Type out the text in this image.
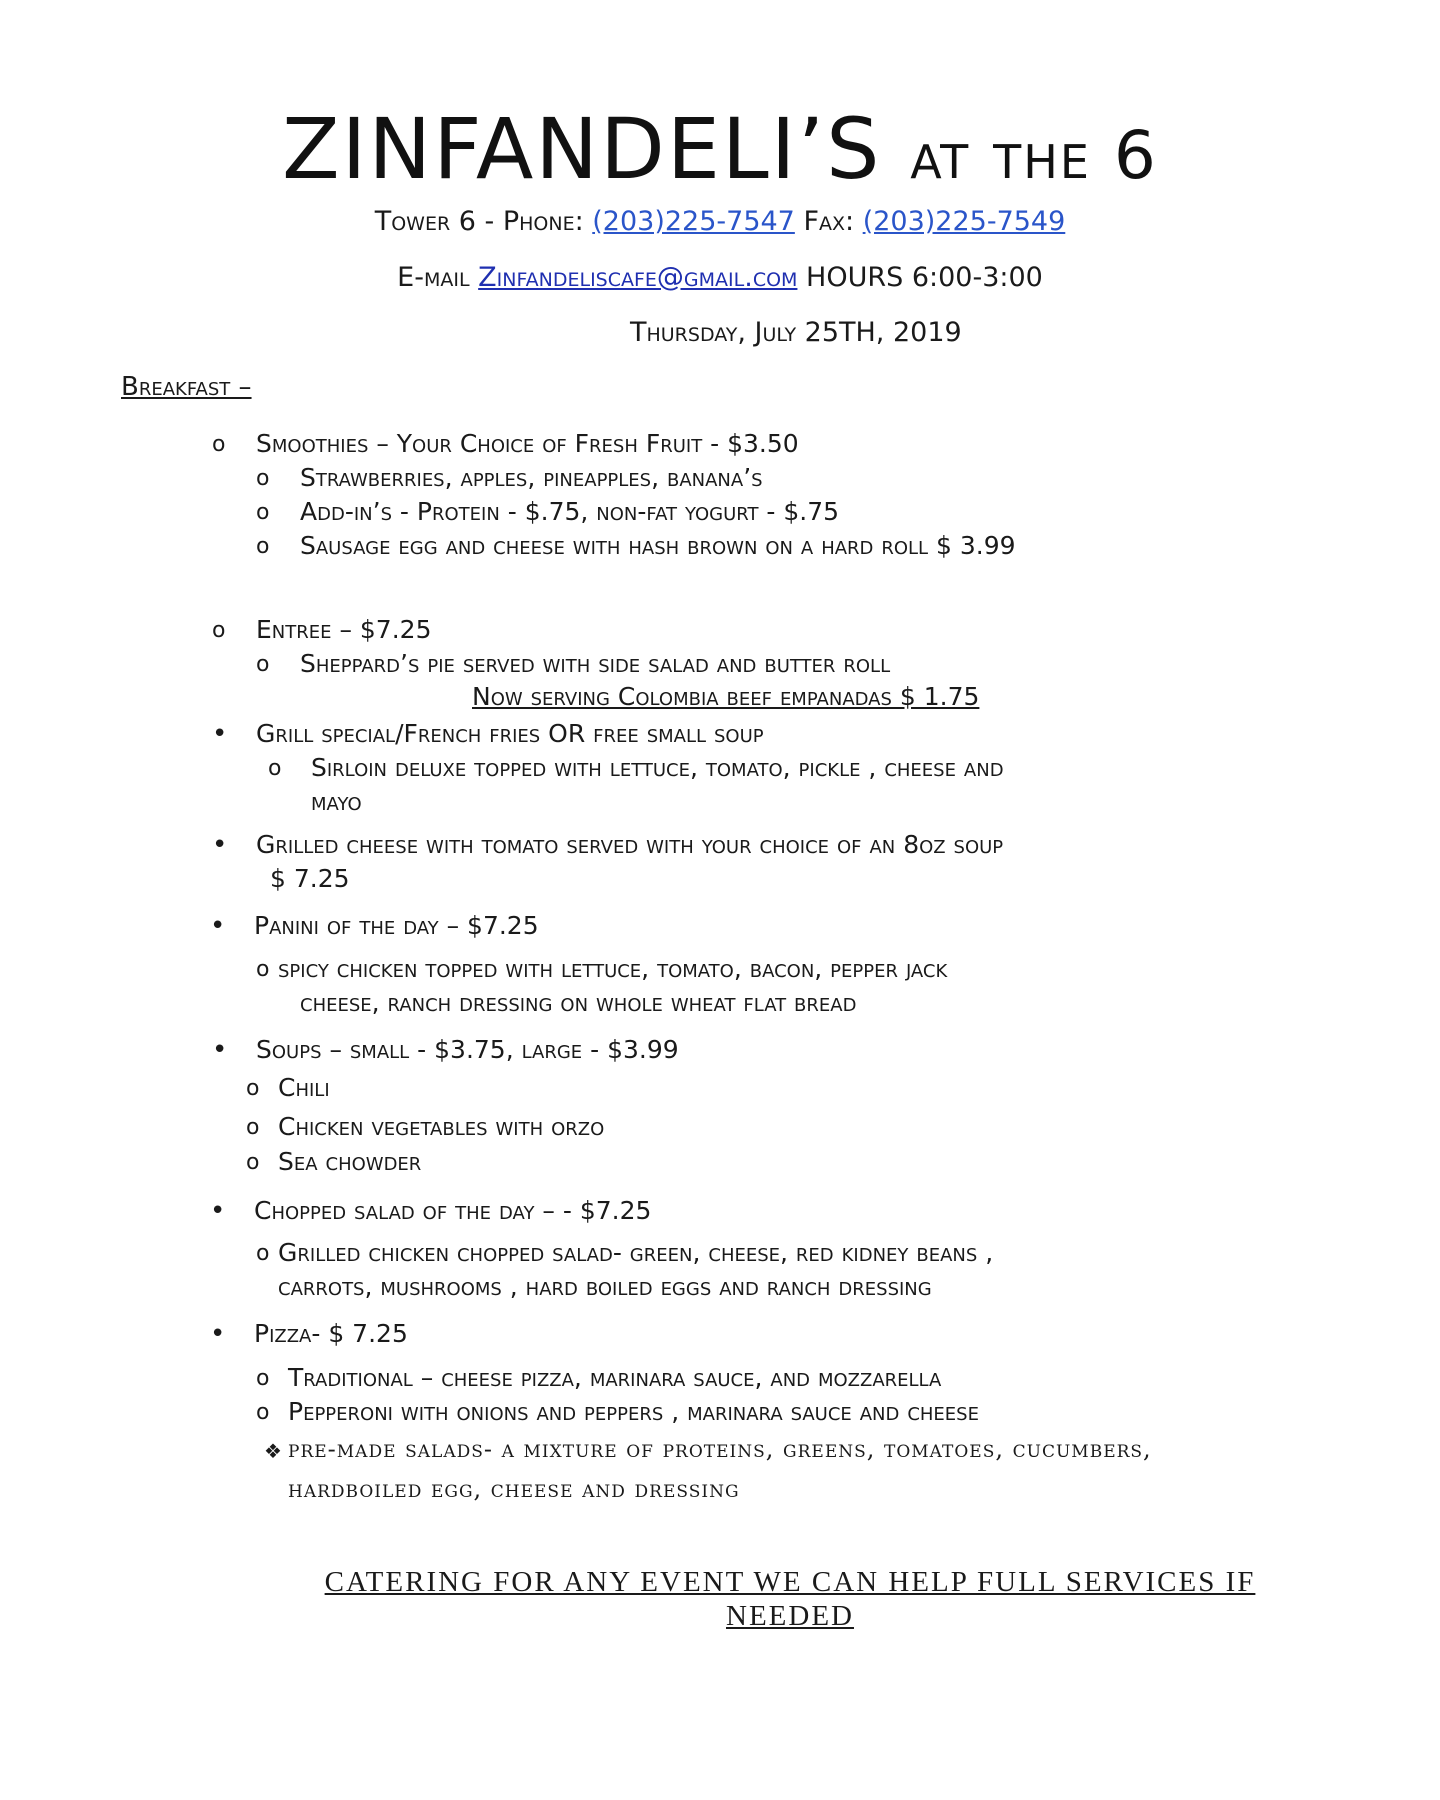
ZINFANDELI’S at the 6
Tower 6 - Phone: (203)225-7547 Fax: (203)225-7549
E-mail Zinfandeliscafe@gmail.com HOURS 6:00-3:00
Thursday, July 25TH, 2019
Breakfast –
o Smoothies – Your Choice of Fresh Fruit - $3.50
o Strawberries, apples, pineapples, banana’s
o Add-in’s - Protein - $.75, non-fat yogurt - $.75
o Sausage egg and cheese with hash brown on a hard roll $ 3.99
o Entree – $7.25
o Sheppard’s pie served with side salad and butter roll
Now serving Colombia beef empanadas $ 1.75
• Grill special/French fries OR free small soup
o Sirloin deluxe topped with lettuce, tomato, pickle , cheese and
mayo
• Grilled cheese with tomato served with your choice of an 8oz soup
$ 7.25
• Panini of the day – $7.25
o spicy chicken topped with lettuce, tomato, bacon, pepper jack
cheese, ranch dressing on whole wheat flat bread
• Soups – small - $3.75, large - $3.99
o Chili
o Chicken vegetables with orzo
o Sea chowder
• Chopped salad of the day – - $7.25
o Grilled chicken chopped salad- green, cheese, red kidney beans ,
carrots, mushrooms , hard boiled eggs and ranch dressing
• Pizza- $ 7.25
o Traditional – cheese pizza, marinara sauce, and mozzarella
o Pepperoni with onions and peppers , marinara sauce and cheese
❖ pre-made salads- a mixture of proteins, greens, tomatoes, cucumbers,
hardboiled egg, cheese and dressing
CATERING FOR ANY EVENT WE CAN HELP FULL SERVICES IF
NEEDED
